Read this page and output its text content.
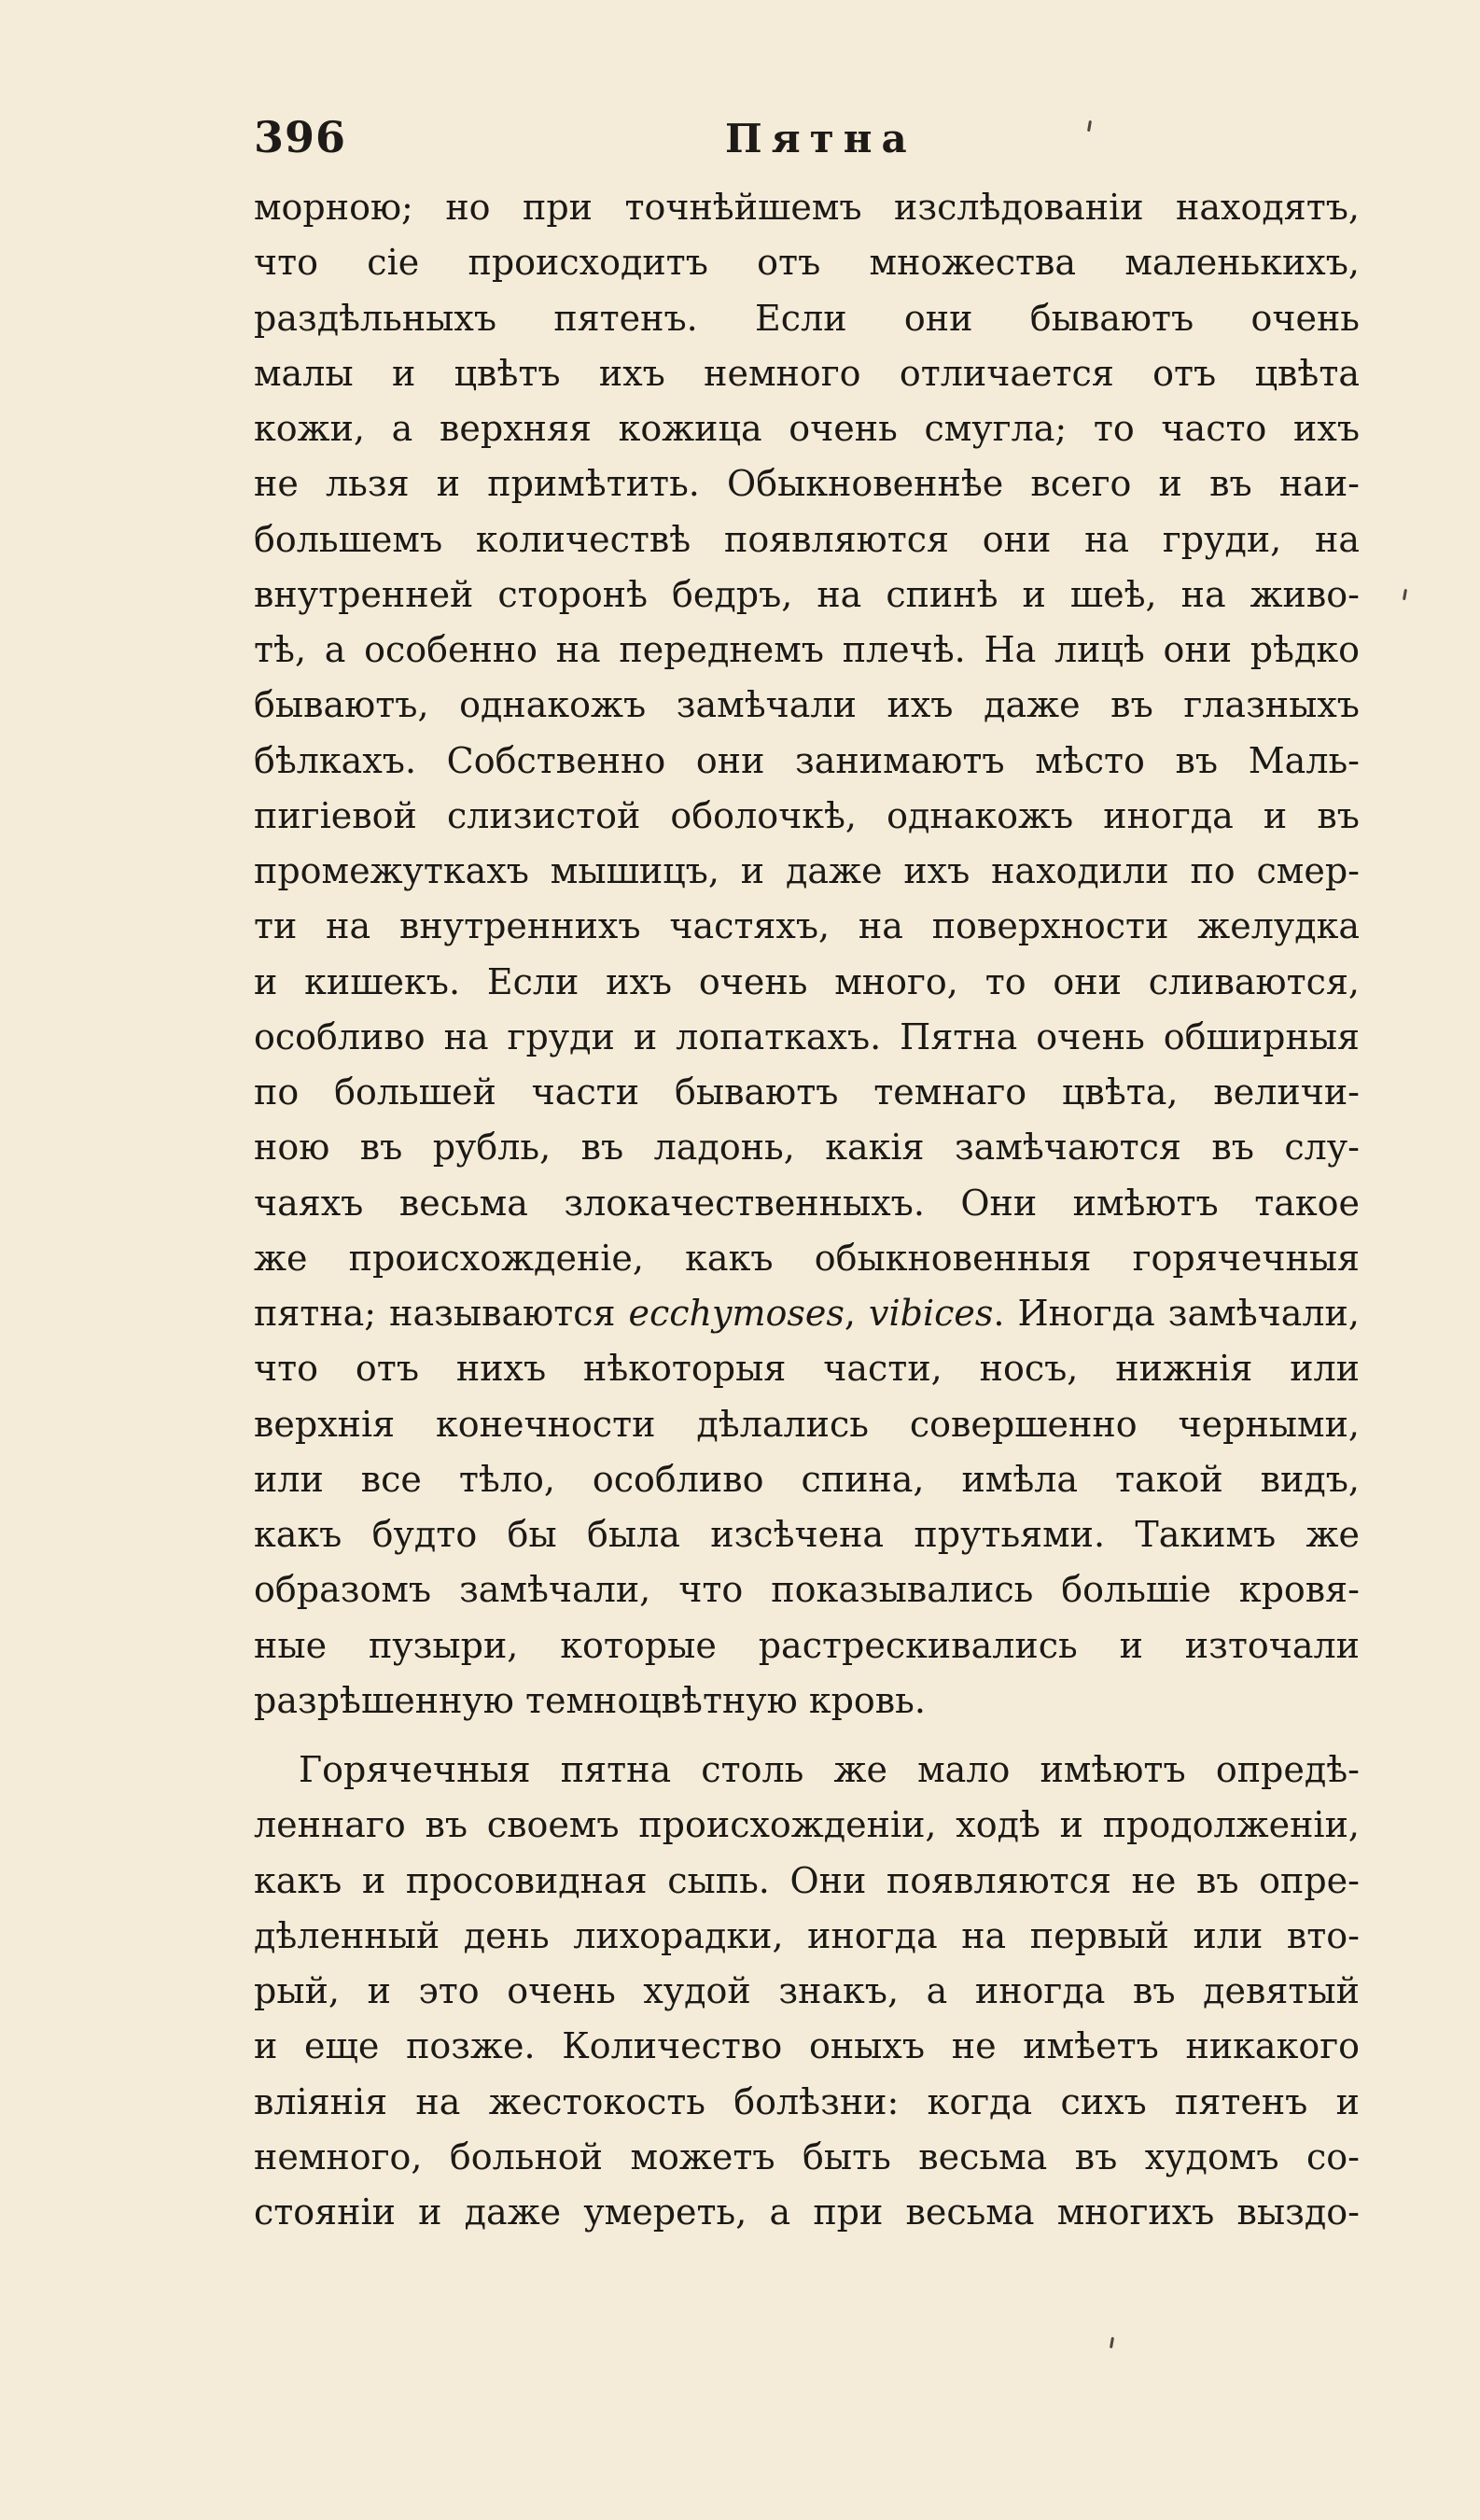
396	Пятна
морною; но при точнѣйшемъ изслѣдованіи находятъ,
что сіе происходитъ отъ множества маленькихъ,
раздѣльныхъ пятенъ. Если они бываютъ очень
малы и цвѣтъ ихъ немного отличается отъ цвѣта
кожи, а верхняя кожица очень смугла; то часто ихъ
не льзя и примѣтить. Обыкновеннѣе всего и въ наи-
большемъ количествѣ появляются они на груди, на
внутренней сторонѣ бедръ, на спинѣ и шеѣ, на живо-
тѣ, а особенно на переднемъ плечѣ. На лицѣ они рѣдко
бываютъ, однакожъ замѣчали ихъ даже въ глазныхъ
бѣлкахъ. Собственно они занимаютъ мѣсто въ Маль-
пигіевой слизистой оболочкѣ, однакожъ иногда и въ
промежуткахъ мышицъ, и даже ихъ находили по смер-
ти на внутреннихъ частяхъ, на поверхности желудка
и кишекъ. Если ихъ очень много, то они сливаются,
особливо на груди и лопаткахъ. Пятна очень обширныя
по большей части бываютъ темнаго цвѣта, величи-
ною въ рубль, въ ладонь, какія замѣчаются въ слу-
чаяхъ весьма злокачественныхъ. Они имѣютъ такое
же происхожденіе, какъ обыкновенныя горячечныя
пятна; называются ecchymoses, vibices. Иногда замѣчали,
что отъ нихъ нѣкоторыя части, носъ, нижнія или
верхнія конечности дѣлались совершенно черными,
или все тѣло, особливо спина, имѣла такой видъ,
какъ будто бы была изсѣчена прутьями. Такимъ же
образомъ замѣчали, что показывались большіе кровя-
ные пузыри, которые растрескивались и източали
разрѣшенную темноцвѣтную кровь.
Горячечныя пятна столь же мало имѣютъ опредѣ-
леннаго въ своемъ происхожденіи, ходѣ и продолженіи,
какъ и просовидная сыпь. Они появляются не въ опре-
дѣленный день лихорадки, иногда на первый или вто-
рый, и это очень худой знакъ, а иногда въ девятый
и еще позже. Количество оныхъ не имѣетъ никакого
вліянія на жестокость болѣзни: когда сихъ пятенъ и
немного, больной можетъ быть весьма въ худомъ со-
стояніи и даже умереть, а при весьма многихъ выздо-
